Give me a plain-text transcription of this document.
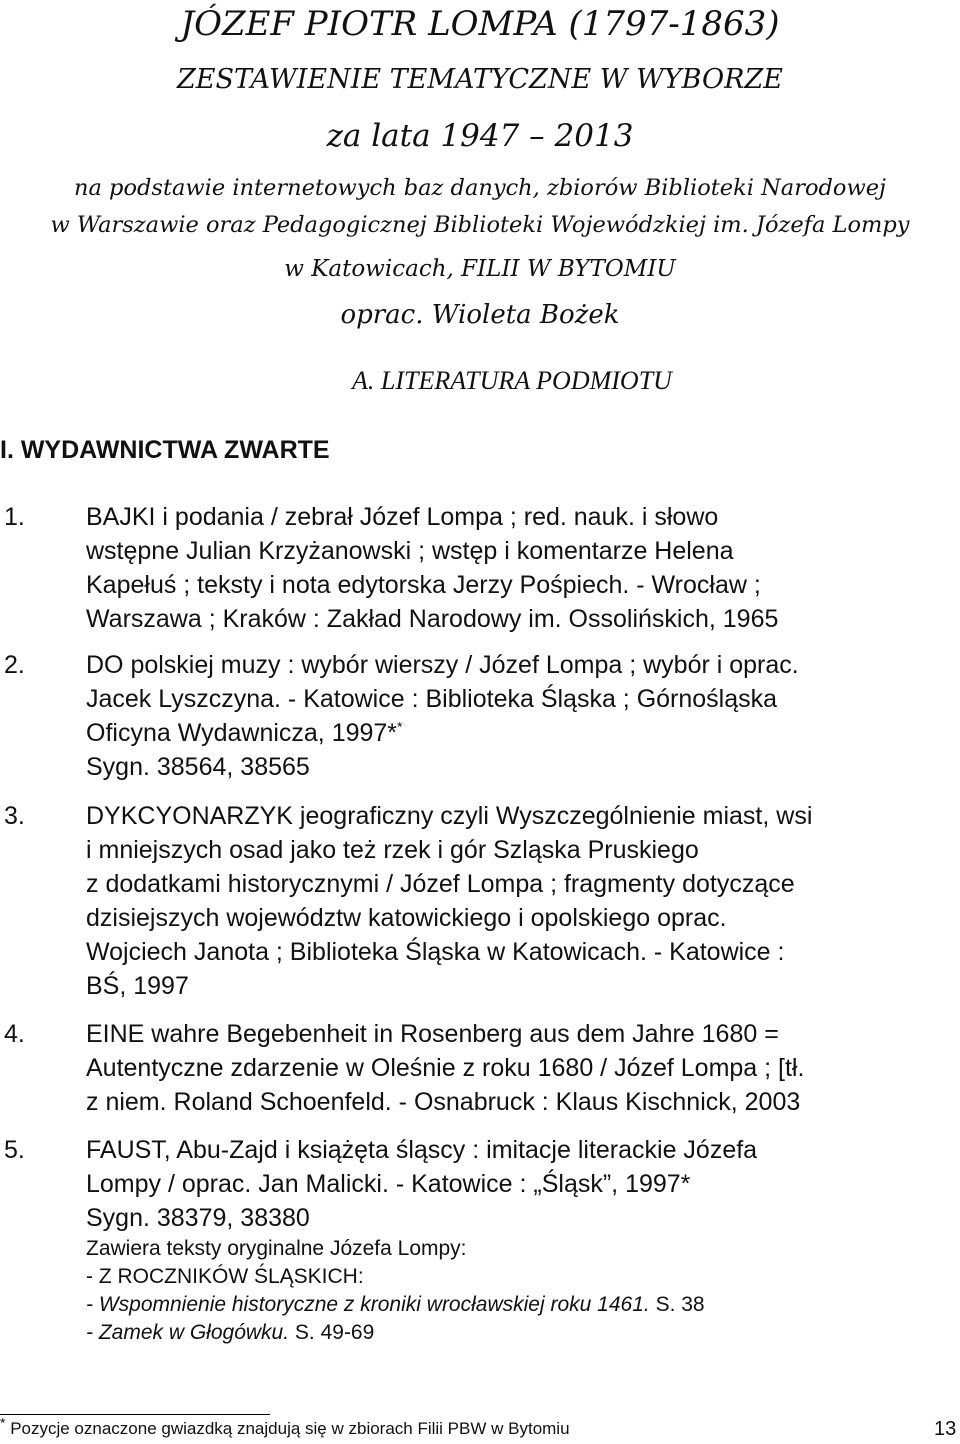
JÓZEF PIOTR LOMPA (1797-1863)
ZESTAWIENIE TEMATYCZNE W WYBORZE
za lata 1947 – 2013
na podstawie internetowych baz danych, zbiorów Biblioteki Narodowej
w Warszawie oraz Pedagogicznej Biblioteki Wojewódzkiej im. Józefa Lompy
w Katowicach, FILII W BYTOMIU
oprac. Wioleta Bożek
A. LITERATURA PODMIOTU
I. WYDAWNICTWA ZWARTE
1. BAJKI i podania / zebrał Józef Lompa ; red. nauk. i słowo
wstępne Julian Krzyżanowski ; wstęp i komentarze Helena
Kapełuś ; teksty i nota edytorska Jerzy Pośpiech. - Wrocław ;
Warszawa ; Kraków : Zakład Narodowy im. Ossolińskich, 1965
2. DO polskiej muzy : wybór wierszy / Józef Lompa ; wybór i oprac.
Jacek Lyszczyna. - Katowice : Biblioteka Śląska ; Górnośląska
Oficyna Wydawnicza, 1997**
Sygn. 38564, 38565
3. DYKCYONARZYK jeograficzny czyli Wyszczególnienie miast, wsi
i mniejszych osad jako też rzek i gór Szląska Pruskiego
z dodatkami historycznymi / Józef Lompa ; fragmenty dotyczące
dzisiejszych województw katowickiego i opolskiego oprac.
Wojciech Janota ; Biblioteka Śląska w Katowicach. - Katowice :
BŚ, 1997
4. EINE wahre Begebenheit in Rosenberg aus dem Jahre 1680 =
Autentyczne zdarzenie w Oleśnie z roku 1680 / Józef Lompa ; [tł.
z niem. Roland Schoenfeld. - Osnabruck : Klaus Kischnick, 2003
5. FAUST, Abu-Zajd i książęta śląscy : imitacje literackie Józefa
Lompy / oprac. Jan Malicki. - Katowice : „Śląsk”, 1997*
Sygn. 38379, 38380
Zawiera teksty oryginalne Józefa Lompy:
- Z ROCZNIKÓW ŚLĄSKICH:
- Wspomnienie historyczne z kroniki wrocławskiej roku 1461. S. 38
- Zamek w Głogówku. S. 49-69
* Pozycje oznaczone gwiazdką znajdują się w zbiorach Filii PBW w Bytomiu	13
